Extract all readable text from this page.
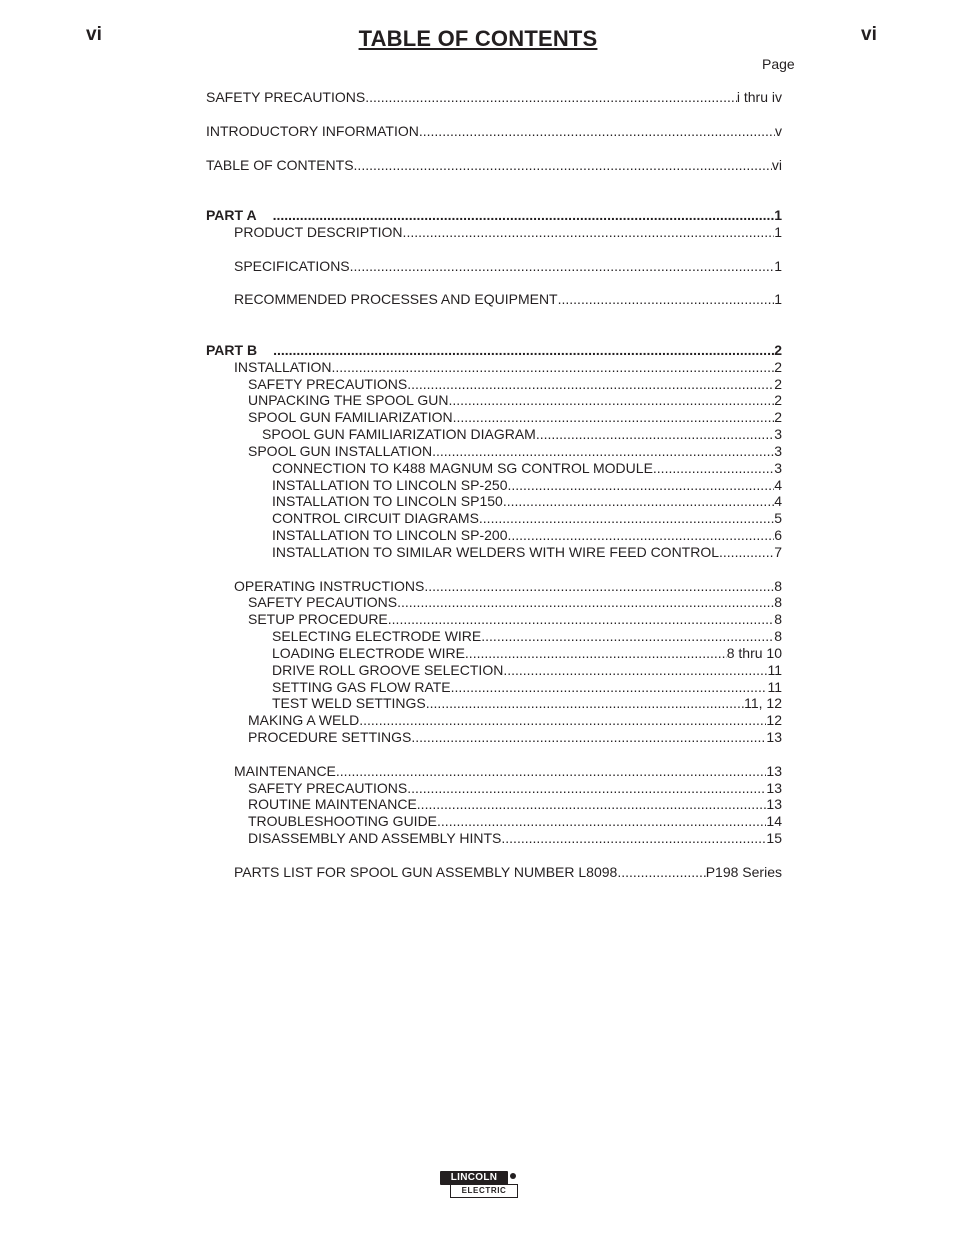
vi	vi
TABLE OF CONTENTS
Page
SAFETY PRECAUTIONS .....	i thru iv
INTRODUCTORY INFORMATION .....	v
TABLE OF CONTENTS .....	vi
PART A .....	1
PRODUCT DESCRIPTION. .....	1
SPECIFICATIONS .....	1
RECOMMENDED PROCESSES AND EQUIPMENT .....	1
PART B .....	2
INSTALLATION .....	2
SAFETY PRECAUTIONS .....	2
UNPACKING THE SPOOL GUN .....	2
SPOOL GUN FAMILIARIZATION .....	2
SPOOL GUN FAMILIARIZATION DIAGRAM .....	3
SPOOL GUN INSTALLATION .....	3
CONNECTION TO K488 MAGNUM SG CONTROL MODULE .....	3
INSTALLATION TO LINCOLN SP-250 .....	4
INSTALLATION TO LINCOLN SP150 .....	4
CONTROL CIRCUIT DIAGRAMS .....	5
INSTALLATION TO LINCOLN SP-200 .....	6
INSTALLATION TO SIMILAR WELDERS WITH WIRE FEED CONTROL .....	7
OPERATING INSTRUCTIONS .....	8
SAFETY PECAUTIONS .....	8
SETUP PROCEDURE .....	8
SELECTING ELECTRODE WIRE .....	8
LOADING ELECTRODE WIRE .....	8 thru 10
DRIVE ROLL GROOVE SELECTION .....	11
SETTING GAS FLOW RATE .....	11
TEST WELD SETTINGS .....	11, 12
MAKING A WELD .....	12
PROCEDURE SETTINGS .....	13
MAINTENANCE .....	13
SAFETY PRECAUTIONS .....	13
ROUTINE MAINTENANCE .....	13
TROUBLESHOOTING GUIDE .....	14
DISASSEMBLY AND ASSEMBLY HINTS .....	15
PARTS LIST FOR SPOOL GUN ASSEMBLY NUMBER L8098 .....	P198 Series
LINCOLN
ELECTRIC
